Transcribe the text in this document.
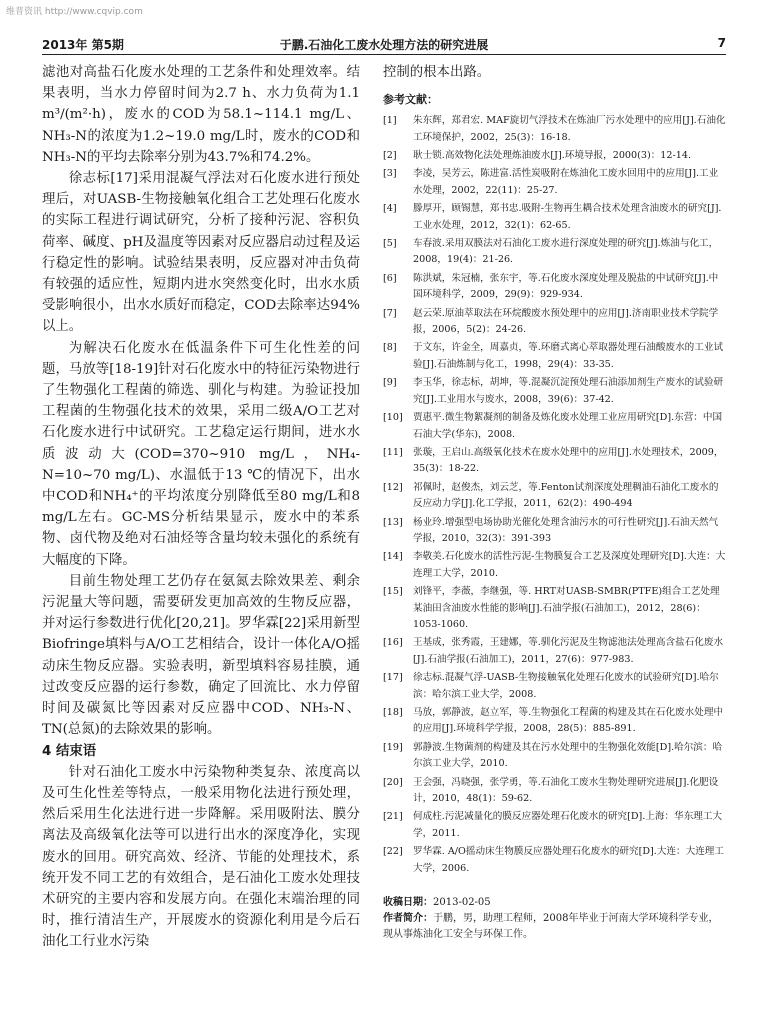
维普资讯 http://www.cqvip.com
2013年 第5期	于鹏.石油化工废水处理方法的研究进展	7

滤池对高盐石化废水处理的工艺条件和处理效率。结果表明，当水力停留时间为2.7 h、水力负荷为1.1 m³/(m²·h)，废水的COD为58.1~114.1 mg/L、NH₃-N的浓度为1.2~19.0 mg/L时，废水的COD和NH₃-N的平均去除率分别为43.7%和74.2%。

徐志标[17]采用混凝气浮法对石化废水进行预处理后，对UASB-生物接触氧化组合工艺处理石化废水的实际工程进行调试研究，分析了接种污泥、容积负荷率、碱度、pH及温度等因素对反应器启动过程及运行稳定性的影响。试验结果表明，反应器对冲击负荷有较强的适应性，短期内进水突然变化时，出水水质受影响很小，出水水质好而稳定，COD去除率达94%以上。

为解决石化废水在低温条件下可生化性差的问题，马放等[18-19]针对石化废水中的特征污染物进行了生物强化工程菌的筛选、驯化与构建。为验证投加工程菌的生物强化技术的效果，采用二级A/O工艺对石化废水进行中试研究。工艺稳定运行期间，进水水质波动大(COD=370~910 mg/L，NH₄-N=10~70 mg/L)、水温低于13 ℃的情况下，出水中COD和NH₄⁺的平均浓度分别降低至80 mg/L和8 mg/L左右。GC-MS分析结果显示，废水中的苯系物、卤代物及绝对石油烃等含量均较未强化的系统有大幅度的下降。

目前生物处理工艺仍存在氨氮去除效果差、剩余污泥量大等问题，需要研发更加高效的生物反应器，并对运行参数进行优化[20,21]。罗华霖[22]采用新型Biofringe填料与A/O工艺相结合，设计一体化A/O摇动床生物反应器。实验表明，新型填料容易挂膜，通过改变反应器的运行参数，确定了回流比、水力停留时间及碳氮比等因素对反应器中COD、NH₃-N、TN(总氮)的去除效果的影响。

4 结束语

针对石油化工废水中污染物种类复杂、浓度高以及可生化性差等特点，一般采用物化法进行预处理，然后采用生化法进行进一步降解。采用吸附法、膜分离法及高级氧化法等可以进行出水的深度净化，实现废水的回用。研究高效、经济、节能的处理技术，系统开发不同工艺的有效组合，是石油化工废水处理技术研究的主要内容和发展方向。在强化末端治理的同时，推行清洁生产，开展废水的资源化利用是今后石油化工行业水污染

控制的根本出路。

参考文献：
[1] 朱东辉，郑君宏. MAF旋切气浮技术在炼油厂污水处理中的应用[J].石油化工环境保护，2002，25(3)：16-18.
[2] 耿士锁.高效物化法处理炼油废水[J].环境导报，2000(3)：12-14.
[3] 李凌，吴芳云，陈进富.活性炭吸附在炼油化工废水回用中的应用[J].工业水处理，2002，22(11)：25-27.
[4] 滕厚开，顾锡慧，郑书忠.吸附-生物再生耦合技术处理含油废水的研究[J].工业水处理，2012，32(1)：62-65.
[5] 车春波.采用双膜法对石油化工废水进行深度处理的研究[J].炼油与化工，2008，19(4)：21-26.
[6] 陈洪斌，朱冠楠，张东宇，等.石化废水深度处理及脱盐的中试研究[J].中国环境科学，2009，29(9)：929-934.
[7] 赵云荣.原油萃取法在环烷酸废水预处理中的应用[J].济南职业技术学院学报，2006，5(2)：24-26.
[8] 于文东，许金全，周嘉贞，等.环磨式离心萃取器处理石油酸废水的工业试验[J].石油炼制与化工，1998，29(4)：33-35.
[9] 李玉华，徐志标，胡坤，等.混凝沉淀预处理石油添加剂生产废水的试验研究[J].工业用水与废水，2008，39(6)：37-42.
[10] 贾惠平.微生物絮凝剂的制备及炼化废水处理工业应用研究[D].东营：中国石油大学(华东)，2008.
[11] 张璇，王启山.高级氧化技术在废水处理中的应用[J].水处理技术，2009，35(3)：18-22.
[12] 祁佩时，赵俊杰，刘云芝，等.Fenton试剂深度处理稠油石油化工废水的反应动力学[J].化工学报，2011，62(2)：490-494
[13] 杨业玲.增强型电场协助光催化处理含油污水的可行性研究[J].石油天然气学报，2010，32(3)：391-393
[14] 李敬美.石化废水的活性污泥-生物膜复合工艺及深度处理研究[D].大连：大连理工大学，2010.
[15] 刘锋平，李薇，李继强，等. HRT对UASB-SMBR(PTFE)组合工艺处理某油田含油废水性能的影响[J].石油学报(石油加工)，2012，28(6)：1053-1060.
[16] 王基成，张秀霞，王建娜，等.驯化污泥及生物滤池法处理高含盐石化废水[J].石油学报(石油加工)，2011，27(6)：977-983.
[17] 徐志标.混凝气浮-UASB-生物接触氧化处理石化废水的试验研究[D].哈尔滨：哈尔滨工业大学，2008.
[18] 马放，郭静波，赵立军，等.生物强化工程菌的构建及其在石化废水处理中的应用[J].环境科学学报，2008，28(5)：885-891.
[19] 郭静波.生物菌剂的构建及其在污水处理中的生物强化效能[D].哈尔滨：哈尔滨工业大学，2010.
[20] 王会强，冯晓强，张学勇，等.石油化工废水生物处理研究进展[J].化肥设计，2010，48(1)：59-62.
[21] 何成柱.污泥减量化的膜反应器处理石化废水的研究[D].上海：华东理工大学，2011.
[22] 罗华霖. A/O摇动床生物膜反应器处理石化废水的研究[D].大连：大连理工大学，2006.

收稿日期：2013-02-05

作者简介：于鹏，男，助理工程师，2008年毕业于河南大学环境科学专业，现从事炼油化工安全与环保工作。
